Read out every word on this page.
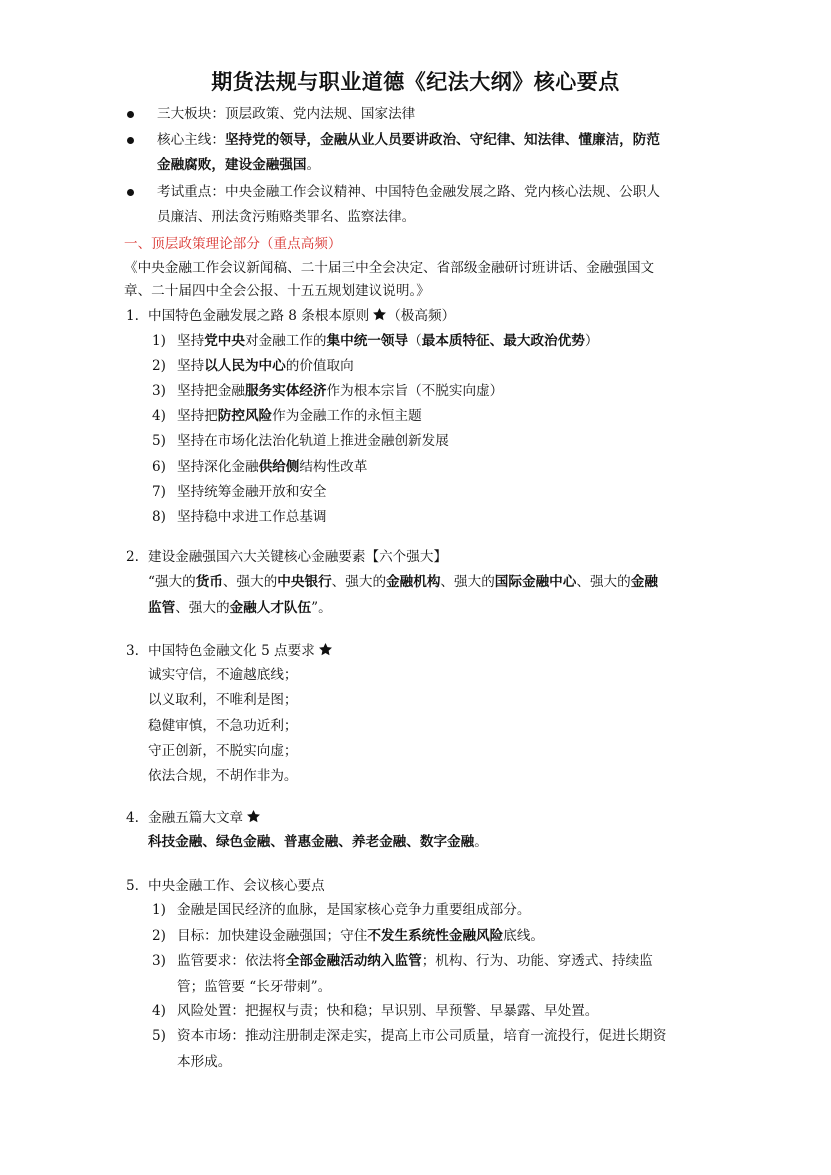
期货法规与职业道德《纪法大纲》核心要点
三大板块：顶层政策、党内法规、国家法律
核心主线：坚持党的领导，金融从业人员要讲政治、守纪律、知法律、懂廉洁，防范
金融腐败，建设金融强国。
考试重点：中央金融工作会议精神、中国特色金融发展之路、党内核心法规、公职人
员廉洁、刑法贪污贿赂类罪名、监察法律。
一、顶层政策理论部分（重点高频）
《中央金融工作会议新闻稿、二十届三中全会决定、省部级金融研讨班讲话、金融强国文
章、二十届四中全会公报、十五五规划建议说明。》
1. 中国特色金融发展之路 8 条根本原则 （极高频）
1) 坚持党中央对金融工作的集中统一领导（最本质特征、最大政治优势）
2) 坚持以人民为中心的价值取向
3) 坚持把金融服务实体经济作为根本宗旨（不脱实向虚）
4) 坚持把防控风险作为金融工作的永恒主题
5) 坚持在市场化法治化轨道上推进金融创新发展
6) 坚持深化金融供给侧结构性改革
7) 坚持统筹金融开放和安全
8) 坚持稳中求进工作总基调
2. 建设金融强国六大关键核心金融要素【六个强大】
“强大的货币、强大的中央银行、强大的金融机构、强大的国际金融中心、强大的金融
监管、强大的金融人才队伍”。
3. 中国特色金融文化 5 点要求
诚实守信，不逾越底线；
以义取利，不唯利是图；
稳健审慎，不急功近利；
守正创新，不脱实向虚；
依法合规，不胡作非为。
4. 金融五篇大文章
科技金融、绿色金融、普惠金融、养老金融、数字金融。
5. 中央金融工作、会议核心要点
1) 金融是国民经济的血脉，是国家核心竞争力重要组成部分。
2) 目标：加快建设金融强国；守住不发生系统性金融风险底线。
3) 监管要求：依法将全部金融活动纳入监管；机构、行为、功能、穿透式、持续监
管；监管要 “长牙带刺”。
4) 风险处置：把握权与责；快和稳；早识别、早预警、早暴露、早处置。
5) 资本市场：推动注册制走深走实，提高上市公司质量，培育一流投行，促进长期资
本形成。
